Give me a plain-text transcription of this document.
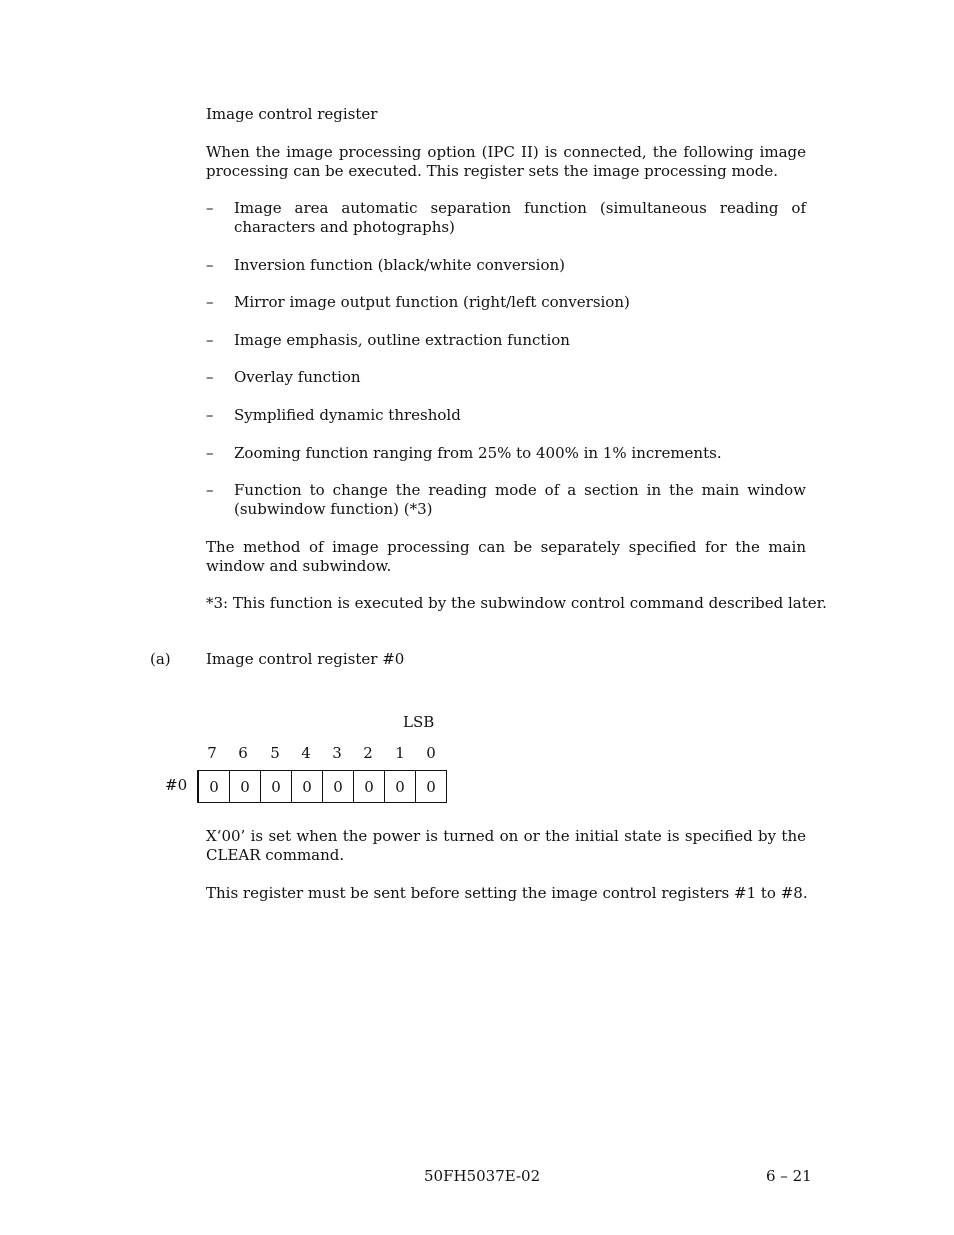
Image control register
When the image processing option (IPC II) is connected, the following image processing can be executed. This register sets the image processing mode.
– Image area automatic separation function (simultaneous reading of characters and photographs)
– Inversion function (black/white conversion)
– Mirror image output function (right/left conversion)
– Image emphasis, outline extraction function
– Overlay function
– Symplified dynamic threshold
– Zooming function ranging from 25% to 400% in 1% increments.
– Function to change the reading mode of a section in the main window (subwindow function) (*3)
The method of image processing can be separately specified for the main window and subwindow.
*3: This function is executed by the subwindow control command described later.
(a) Image control register #0
LSB
7	6	5	4	3	2	1	0
#0 0	0	0	0	0	0	0	0
X‘00’ is set when the power is turned on or the initial state is specified by the CLEAR command.
This register must be sent before setting the image control registers #1 to #8.
50FH5037E-02	6 – 21
